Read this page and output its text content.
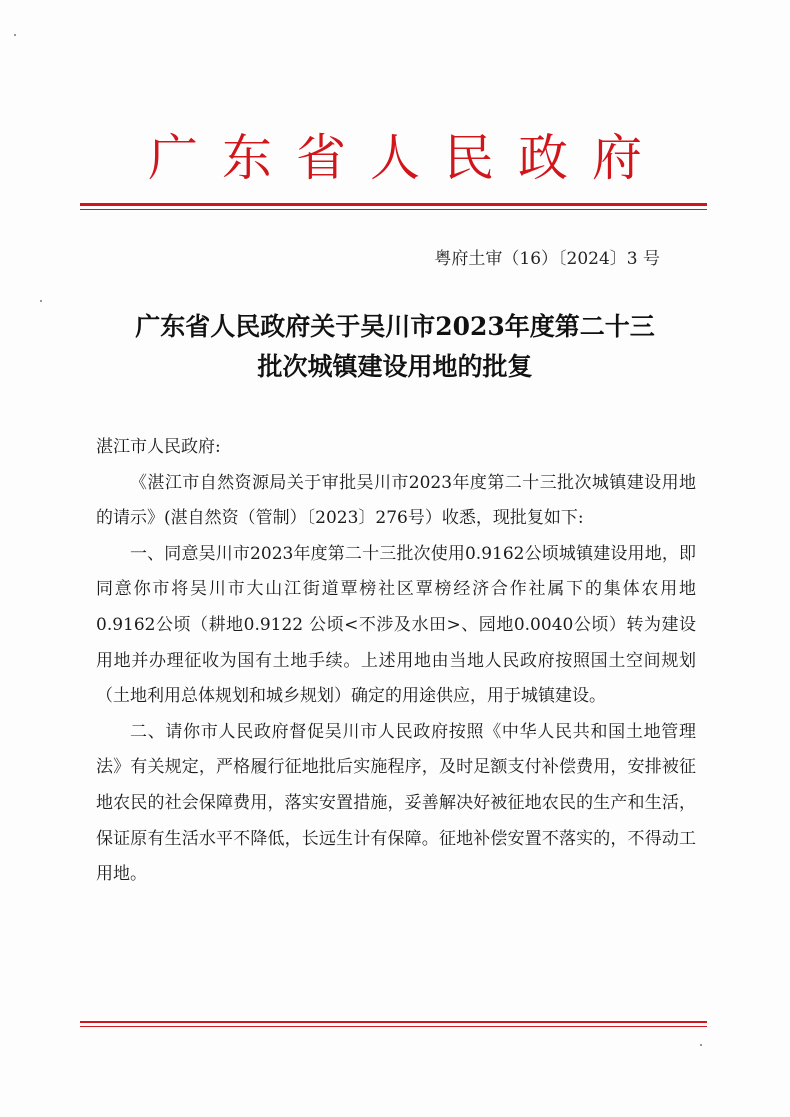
广东省人民政府
粤府土审（16）〔2024〕3 号
广东省人民政府关于吴川市2023年度第二十三
批次城镇建设用地的批复

湛江市人民政府:

《湛江市自然资源局关于审批吴川市2023年度第二十三批次城镇建设用地的请示》(湛自然资（管制）〔2023〕276号）收悉，现批复如下:

一、同意吴川市2023年度第二十三批次使用0.9162公顷城镇建设用地，即同意你市将吴川市大山江街道覃榜社区覃榜经济合作社属下的集体农用地0.9162公顷（耕地0.9122 公顷<不涉及水田>、园地0.0040公顷）转为建设用地并办理征收为国有土地手续。上述用地由当地人民政府按照国土空间规划（土地利用总体规划和城乡规划）确定的用途供应，用于城镇建设。

二、请你市人民政府督促吴川市人民政府按照《中华人民共和国土地管理法》有关规定，严格履行征地批后实施程序，及时足额支付补偿费用，安排被征地农民的社会保障费用，落实安置措施，妥善解决好被征地农民的生产和生活，保证原有生活水平不降低，长远生计有保障。征地补偿安置不落实的，不得动工用地。
